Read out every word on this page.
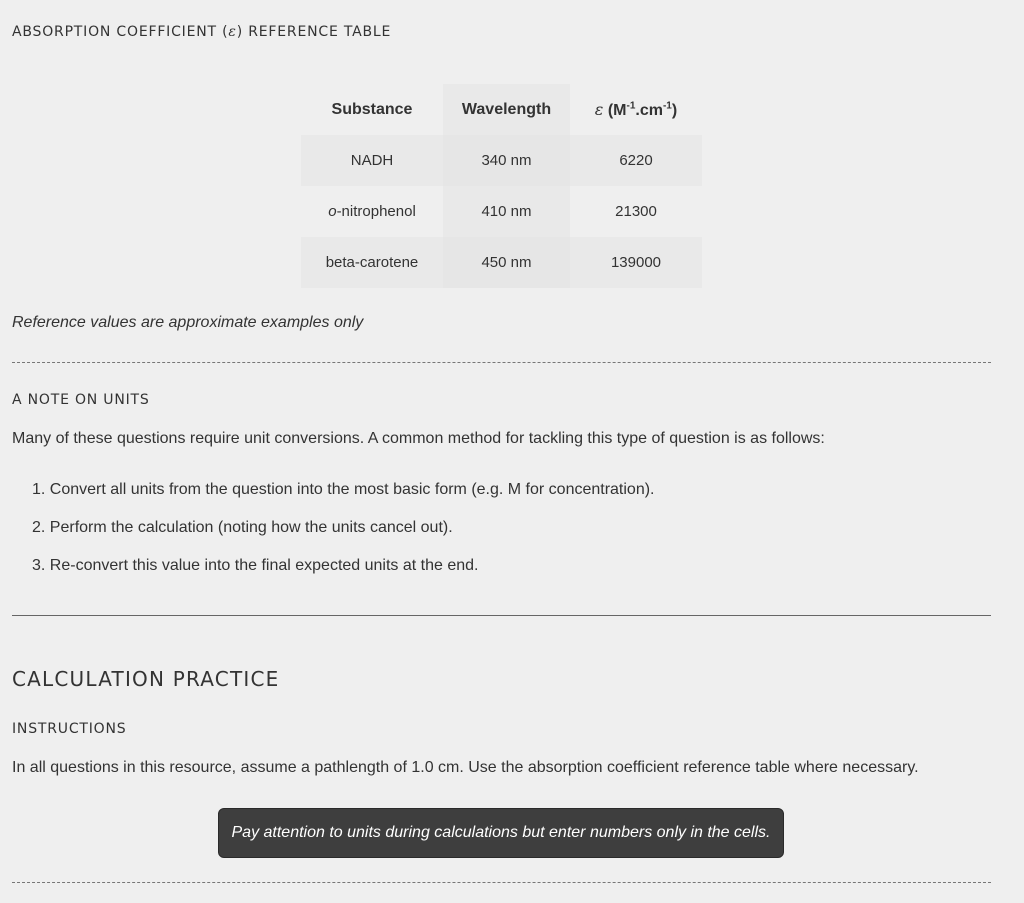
ABSORPTION COEFFICIENT (ε) REFERENCE TABLE
Substance	Wavelength	ε $(M^{-1}.cm^{-1})$
NADH	340 nm	6220
o-nitrophenol	410 nm	21300
beta-carotene	450 nm	139000

Reference values are approximate examples only

A NOTE ON UNITS

Many of these questions require unit conversions. A common method for tackling this type of question is as follows:

1. Convert all units from the question into the most basic form (e.g. M for concentration).
2. Perform the calculation (noting how the units cancel out).
3. Re-convert this value into the final expected units at the end.
CALCULATION PRACTICE
INSTRUCTIONS

In all questions in this resource, assume a pathlength of 1.0 cm. Use the absorption coefficient reference table where necessary.

Pay attention to units during calculations but enter numbers only in the cells.
